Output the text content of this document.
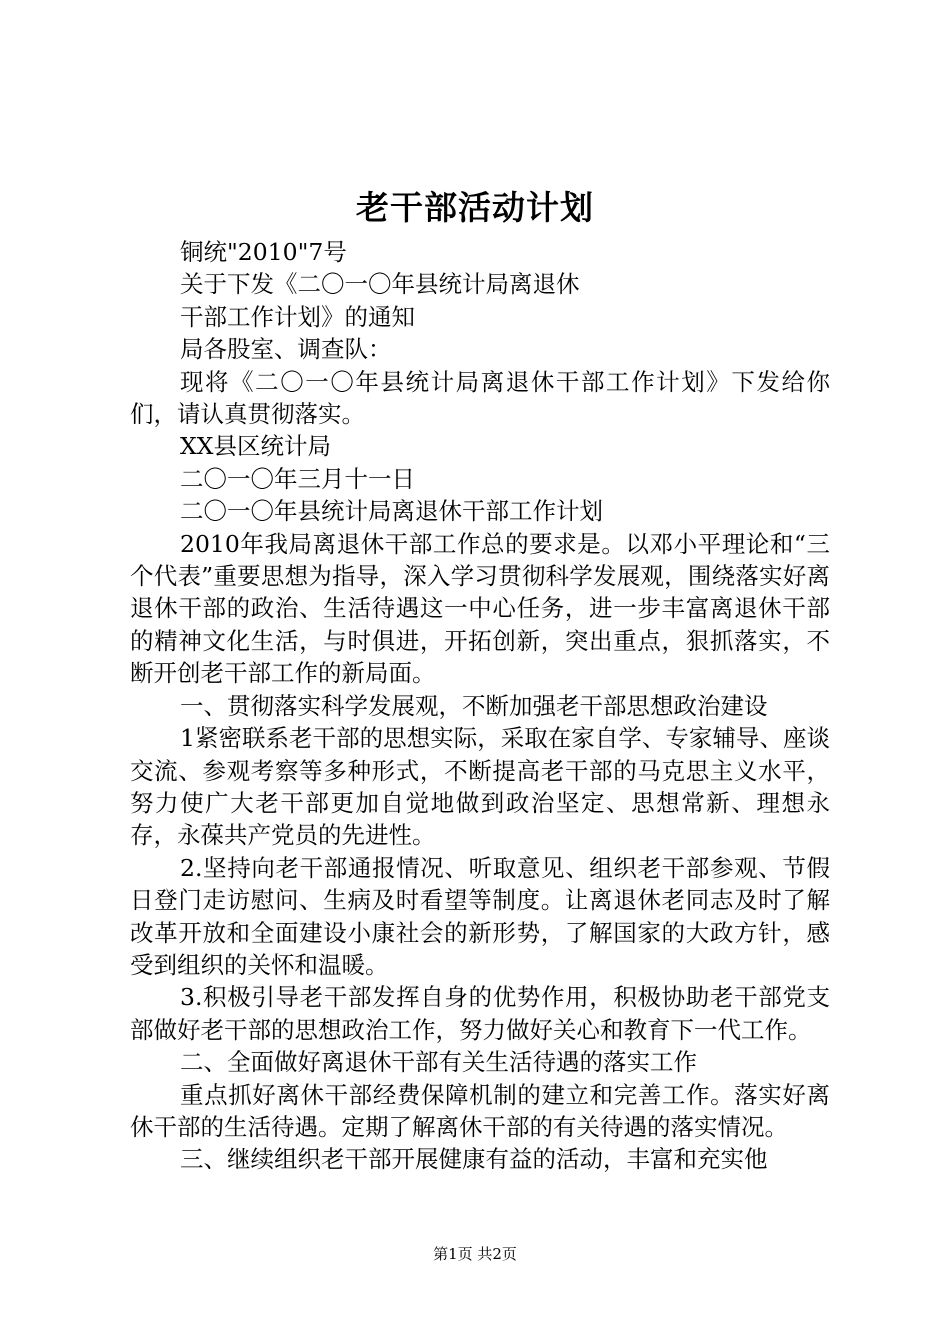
老干部活动计划

铜统"2010"7号

关于下发《二〇一〇年县统计局离退休

干部工作计划》的通知

局各股室、调查队：

现将《二〇一〇年县统计局离退休干部工作计划》下发给你们，请认真贯彻落实。

XX县区统计局

二〇一〇年三月十一日

二〇一〇年县统计局离退休干部工作计划

2010年我局离退休干部工作总的要求是。以邓小平理论和“三个代表”重要思想为指导，深入学习贯彻科学发展观，围绕落实好离退休干部的政治、生活待遇这一中心任务，进一步丰富离退休干部的精神文化生活，与时俱进，开拓创新，突出重点，狠抓落实，不断开创老干部工作的新局面。

一、贯彻落实科学发展观，不断加强老干部思想政治建设

1紧密联系老干部的思想实际，采取在家自学、专家辅导、座谈交流、参观考察等多种形式，不断提高老干部的马克思主义水平，努力使广大老干部更加自觉地做到政治坚定、思想常新、理想永存，永葆共产党员的先进性。

2.坚持向老干部通报情况、听取意见、组织老干部参观、节假日登门走访慰问、生病及时看望等制度。让离退休老同志及时了解改革开放和全面建设小康社会的新形势，了解国家的大政方针，感受到组织的关怀和温暖。

3.积极引导老干部发挥自身的优势作用，积极协助老干部党支部做好老干部的思想政治工作，努力做好关心和教育下一代工作。

二、全面做好离退休干部有关生活待遇的落实工作

重点抓好离休干部经费保障机制的建立和完善工作。落实好离休干部的生活待遇。定期了解离休干部的有关待遇的落实情况。

三、继续组织老干部开展健康有益的活动，丰富和充实他

第1页 共2页
